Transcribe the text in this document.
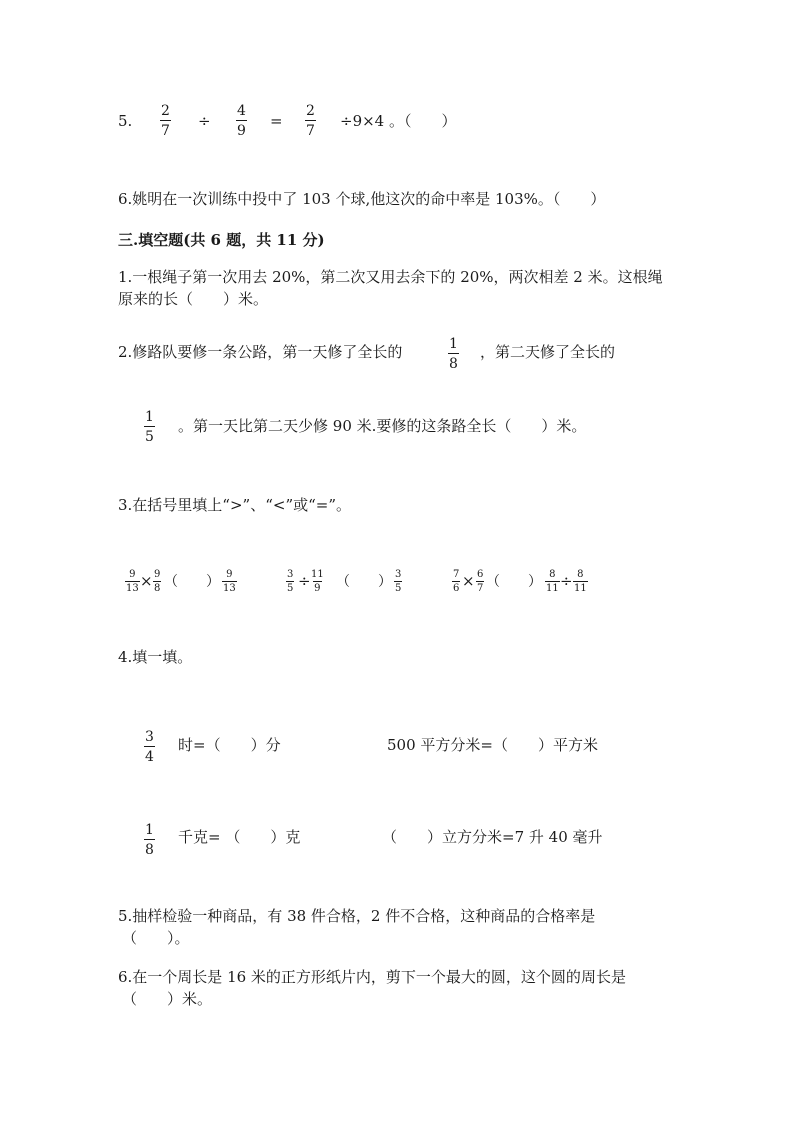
5. $\frac{2}{7} \div \frac{4}{9} = \frac{2}{7} \div 9\times 4$ 。（　　）
6.姚明在一次训练中投中了 103 个球,他这次的命中率是 103%。（　　）
三.填空题(共 6 题，共 11 分)
1.一根绳子第一次用去 20%，第二次又用去余下的 20%，两次相差 2 米。这根绳
原来的长（　　）米。
2.修路队要修一条公路，第一天修了全长的	$\frac{1}{8}$ ，第二天修了全长的
$\frac{1}{5}$ 。第一天比第二天少修 90 米.要修的这条路全长（　　）米。
3.在括号里填上“>”、“<”或“=”。
$\frac{9}{13} \times \frac{9}{8}$ （　　） $\frac{9}{13}$	$\frac{3}{5} \div \frac{11}{9}$ （　　） $\frac{3}{5}$	$\frac{7}{6} \times \frac{6}{7}$ （　　） $\frac{8}{11} \div \frac{8}{11}$
4.填一填。
$\frac{3}{4}$ 时=（　　）分	500 平方分米=（　　）平方米
$\frac{1}{8}$ 千克= （　　）克	（　　）立方分米=7 升 40 毫升
5.抽样检验一种商品，有 38 件合格，2 件不合格，这种商品的合格率是
（　　）。
6.在一个周长是 16 米的正方形纸片内，剪下一个最大的圆，这个圆的周长是
（　　）米。
